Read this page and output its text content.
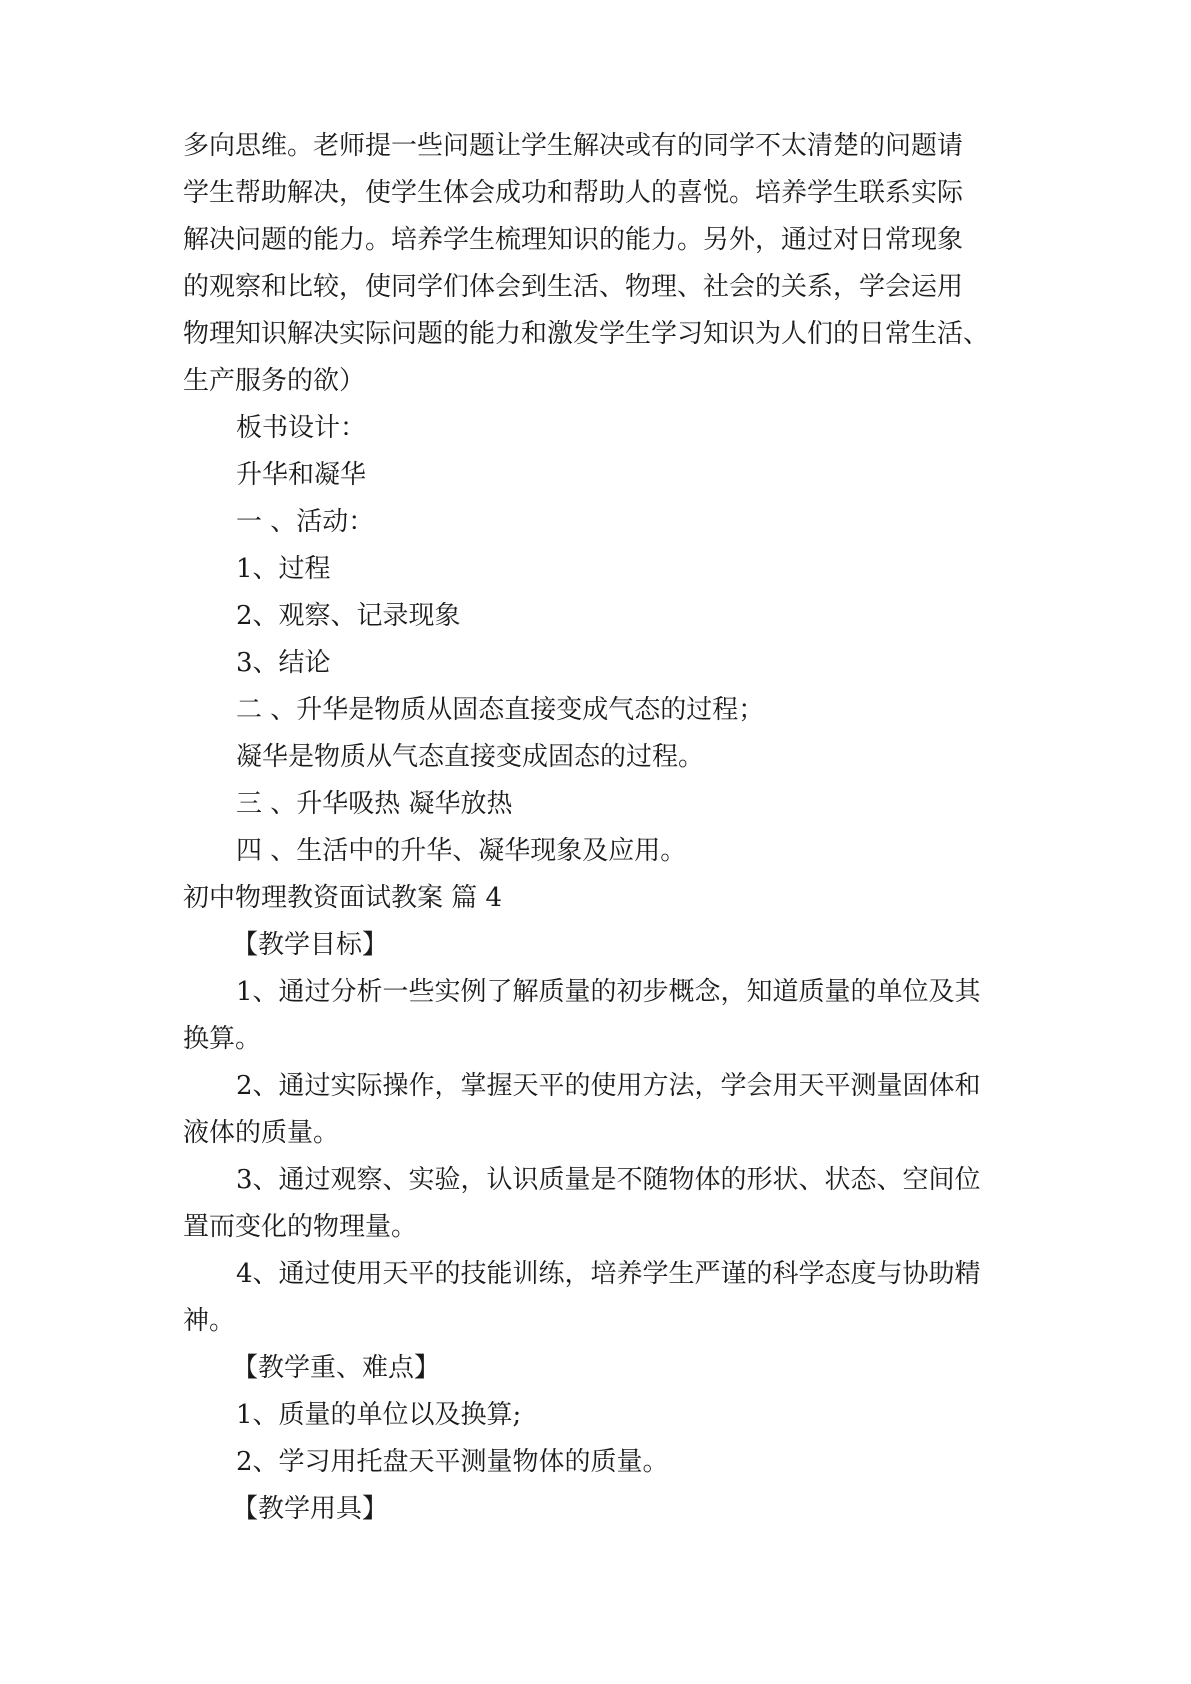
多向思维。老师提一些问题让学生解决或有的同学不太清楚的问题请
学生帮助解决，使学生体会成功和帮助人的喜悦。培养学生联系实际
解决问题的能力。培养学生梳理知识的能力。另外，通过对日常现象
的观察和比较，使同学们体会到生活、物理、社会的关系，学会运用
物理知识解决实际问题的能力和激发学生学习知识为人们的日常生活、
生产服务的欲）
板书设计：
升华和凝华
一 、活动：
1、过程
2、观察、记录现象
3、结论
二 、升华是物质从固态直接变成气态的过程；
凝华是物质从气态直接变成固态的过程。
三 、升华吸热 凝华放热
四 、生活中的升华、凝华现象及应用。
初中物理教资面试教案 篇 4
【教学目标】
1、通过分析一些实例了解质量的初步概念，知道质量的单位及其
换算。
2、通过实际操作，掌握天平的使用方法，学会用天平测量固体和
液体的质量。
3、通过观察、实验，认识质量是不随物体的形状、状态、空间位
置而变化的物理量。
4、通过使用天平的技能训练，培养学生严谨的科学态度与协助精
神。
【教学重、难点】
1、质量的单位以及换算;
2、学习用托盘天平测量物体的质量。
【教学用具】
